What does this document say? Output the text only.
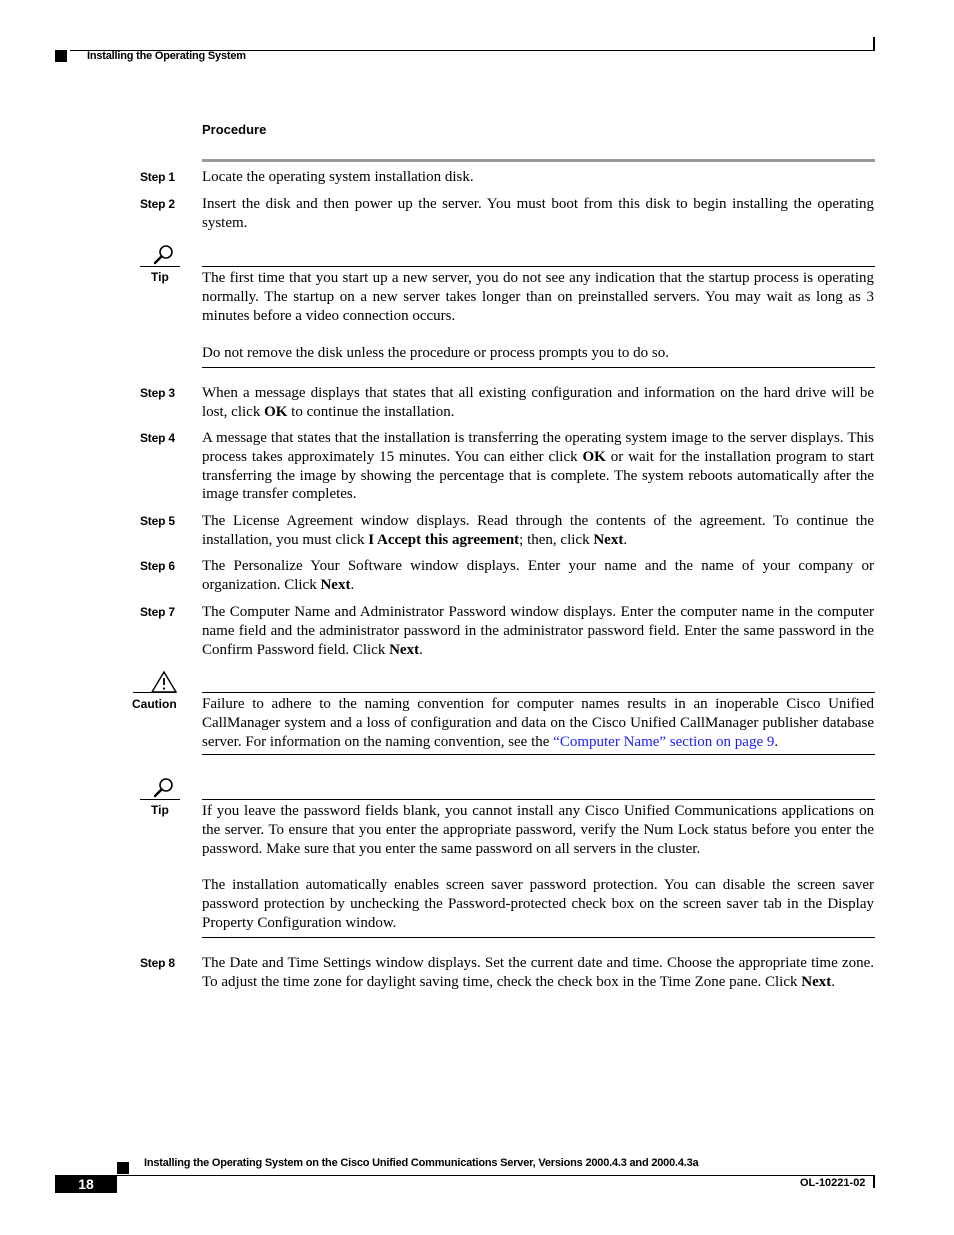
Installing the Operating System
Procedure
Step 1 Locate the operating system installation disk.
Step 2 Insert the disk and then power up the server. You must boot from this disk to begin installing the operating system.
Tip The first time that you start up a new server, you do not see any indication that the startup process is operating normally. The startup on a new server takes longer than on preinstalled servers. You may wait as long as 3 minutes before a video connection occurs.
Do not remove the disk unless the procedure or process prompts you to do so.
Step 3 When a message displays that states that all existing configuration and information on the hard drive will be lost, click OK to continue the installation.
Step 4 A message that states that the installation is transferring the operating system image to the server displays. This process takes approximately 15 minutes. You can either click OK or wait for the installation program to start transferring the image by showing the percentage that is complete. The system reboots automatically after the image transfer completes.
Step 5 The License Agreement window displays. Read through the contents of the agreement. To continue the installation, you must click I Accept this agreement; then, click Next.
Step 6 The Personalize Your Software window displays. Enter your name and the name of your company or organization. Click Next.
Step 7 The Computer Name and Administrator Password window displays. Enter the computer name in the computer name field and the administrator password in the administrator password field. Enter the same password in the Confirm Password field. Click Next.
Caution Failure to adhere to the naming convention for computer names results in an inoperable Cisco Unified CallManager system and a loss of configuration and data on the Cisco Unified CallManager publisher database server. For information on the naming convention, see the “Computer Name” section on page 9.
Tip If you leave the password fields blank, you cannot install any Cisco Unified Communications applications on the server. To ensure that you enter the appropriate password, verify the Num Lock status before you enter the password. Make sure that you enter the same password on all servers in the cluster.
The installation automatically enables screen saver password protection. You can disable the screen saver password protection by unchecking the Password-protected check box on the screen saver tab in the Display Property Configuration window.
Step 8 The Date and Time Settings window displays. Set the current date and time. Choose the appropriate time zone. To adjust the time zone for daylight saving time, check the check box in the Time Zone pane. Click Next.
Installing the Operating System on the Cisco Unified Communications Server, Versions 2000.4.3 and 2000.4.3a
18	OL-10221-02
